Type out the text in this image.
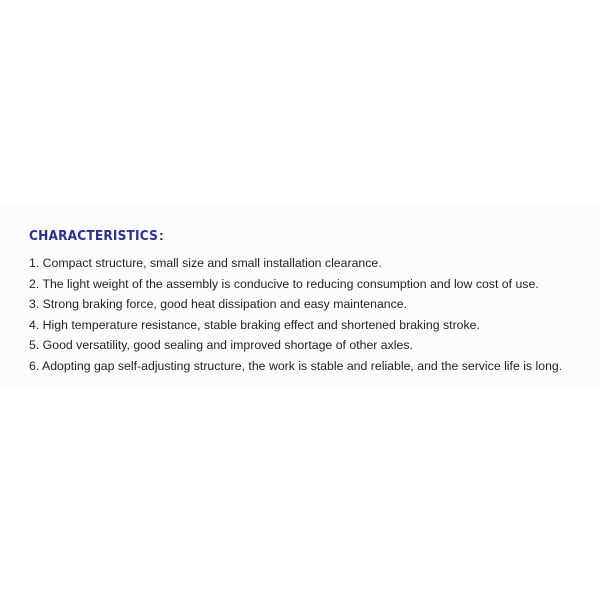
CHARACTERISTICS :
1. Compact structure, small size and small installation clearance.
2. The light weight of the assembly is conducive to reducing consumption and low cost of use.
3. Strong braking force, good heat dissipation and easy maintenance.
4. High temperature resistance, stable braking effect and shortened braking stroke.
5. Good versatility, good sealing and improved shortage of other axles.
6. Adopting gap self-adjusting structure, the work is stable and reliable, and the service life is long.
